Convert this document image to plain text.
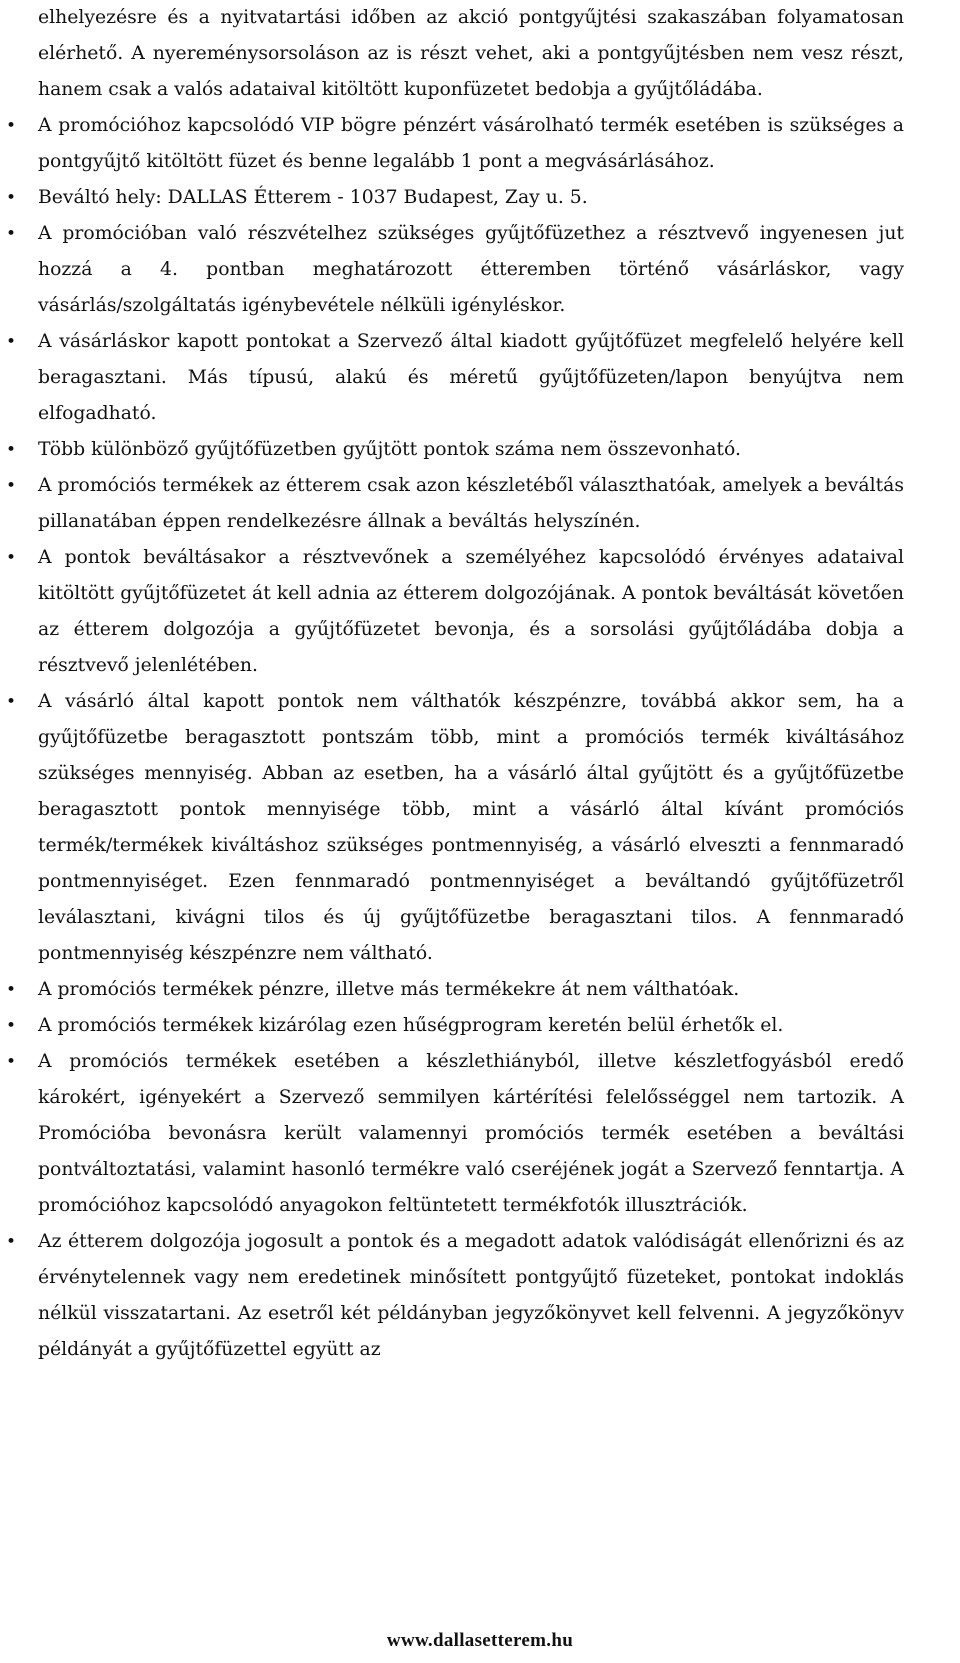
elhelyezésre és a nyitvatartási időben az akció pontgyűjtési szakaszában folyamatosan elérhető. A nyereménysorsoláson az is részt vehet, aki a pontgyűjtésben nem vesz részt, hanem csak a valós adataival kitöltött kuponfüzetet bedobja a gyűjtőládába.

• A promócióhoz kapcsolódó VIP bögre pénzért vásárolható termék esetében is szükséges a pontgyűjtő kitöltött füzet és benne legalább 1 pont a megvásárlásához.
• Beváltó hely: DALLAS Étterem - 1037 Budapest, Zay u. 5.
• A promócióban való részvételhez szükséges gyűjtőfüzethez a résztvevő ingyenesen jut hozzá a 4. pontban meghatározott étteremben történő vásárláskor, vagy vásárlás/szolgáltatás igénybevétele nélküli igényléskor.
• A vásárláskor kapott pontokat a Szervező által kiadott gyűjtőfüzet megfelelő helyére kell beragasztani. Más típusú, alakú és méretű gyűjtőfüzeten/lapon benyújtva nem elfogadható.
• Több különböző gyűjtőfüzetben gyűjtött pontok száma nem összevonható.
• A promóciós termékek az étterem csak azon készletéből választhatóak, amelyek a beváltás pillanatában éppen rendelkezésre állnak a beváltás helyszínén.
• A pontok beváltásakor a résztvevőnek a személyéhez kapcsolódó érvényes adataival kitöltött gyűjtőfüzetet át kell adnia az étterem dolgozójának. A pontok beváltását követően az étterem dolgozója a gyűjtőfüzetet bevonja, és a sorsolási gyűjtőládába dobja a résztvevő jelenlétében.
• A vásárló által kapott pontok nem válthatók készpénzre, továbbá akkor sem, ha a gyűjtőfüzetbe beragasztott pontszám több, mint a promóciós termék kiváltásához szükséges mennyiség. Abban az esetben, ha a vásárló által gyűjtött és a gyűjtőfüzetbe beragasztott pontok mennyisége több, mint a vásárló által kívánt promóciós termék/termékek kiváltáshoz szükséges pontmennyiség, a vásárló elveszti a fennmaradó pontmennyiséget. Ezen fennmaradó pontmennyiséget a beváltandó gyűjtőfüzetről leválasztani, kivágni tilos és új gyűjtőfüzetbe beragasztani tilos. A fennmaradó pontmennyiség készpénzre nem váltható.
• A promóciós termékek pénzre, illetve más termékekre át nem válthatóak.
• A promóciós termékek kizárólag ezen hűségprogram keretén belül érhetők el.
• A promóciós termékek esetében a készlethiányból, illetve készletfogyásból eredő károkért, igényekért a Szervező semmilyen kártérítési felelősséggel nem tartozik. A Promócióba bevonásra került valamennyi promóciós termék esetében a beváltási pontváltoztatási, valamint hasonló termékre való cseréjének jogát a Szervező fenntartja. A promócióhoz kapcsolódó anyagokon feltüntetett termékfotók illusztrációk.
• Az étterem dolgozója jogosult a pontok és a megadott adatok valódiságát ellenőrizni és az érvénytelennek vagy nem eredetinek minősített pontgyűjtő füzeteket, pontokat indoklás nélkül visszatartani. Az esetről két példányban jegyzőkönyvet kell felvenni. A jegyzőkönyv példányát a gyűjtőfüzettel együtt az
www.dallasetterem.hu
